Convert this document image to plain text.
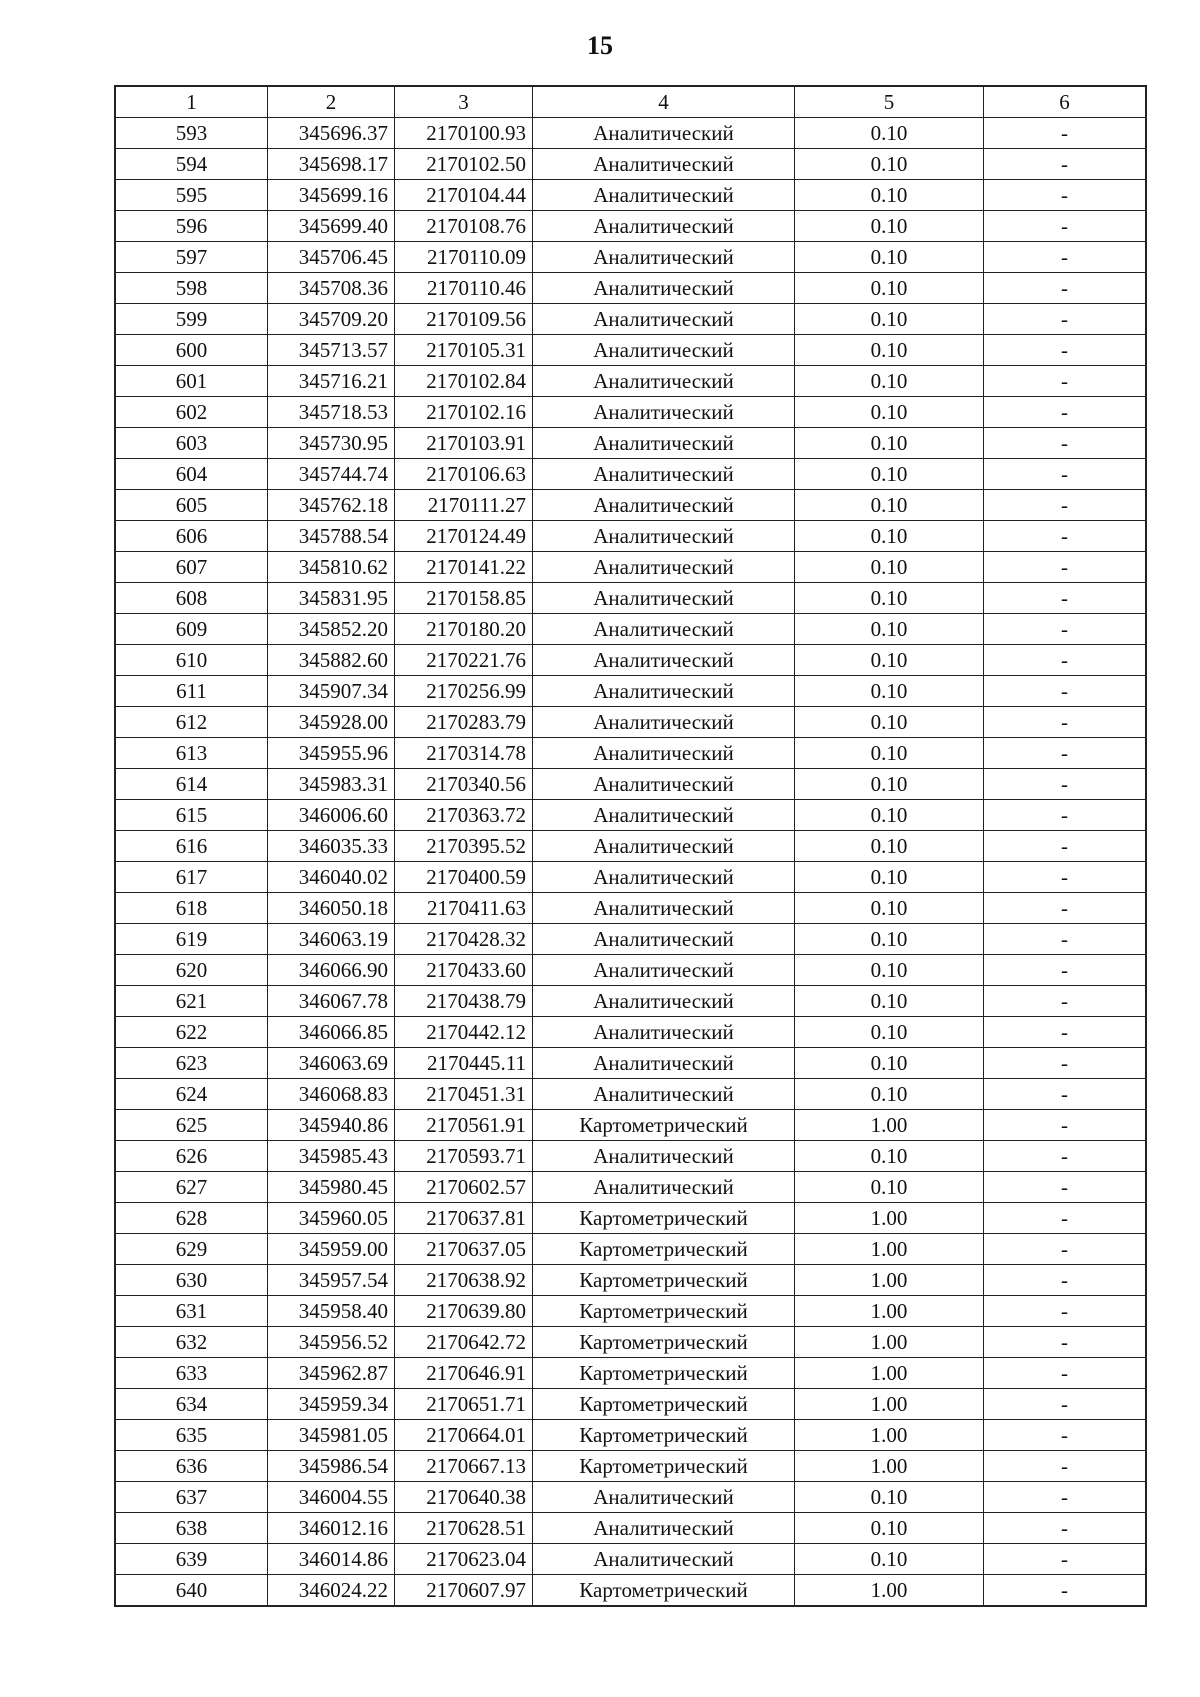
15
1	2	3	4	5	6
593	345696.37	2170100.93	Аналитический	0.10	-
594	345698.17	2170102.50	Аналитический	0.10	-
595	345699.16	2170104.44	Аналитический	0.10	-
596	345699.40	2170108.76	Аналитический	0.10	-
597	345706.45	2170110.09	Аналитический	0.10	-
598	345708.36	2170110.46	Аналитический	0.10	-
599	345709.20	2170109.56	Аналитический	0.10	-
600	345713.57	2170105.31	Аналитический	0.10	-
601	345716.21	2170102.84	Аналитический	0.10	-
602	345718.53	2170102.16	Аналитический	0.10	-
603	345730.95	2170103.91	Аналитический	0.10	-
604	345744.74	2170106.63	Аналитический	0.10	-
605	345762.18	2170111.27	Аналитический	0.10	-
606	345788.54	2170124.49	Аналитический	0.10	-
607	345810.62	2170141.22	Аналитический	0.10	-
608	345831.95	2170158.85	Аналитический	0.10	-
609	345852.20	2170180.20	Аналитический	0.10	-
610	345882.60	2170221.76	Аналитический	0.10	-
611	345907.34	2170256.99	Аналитический	0.10	-
612	345928.00	2170283.79	Аналитический	0.10	-
613	345955.96	2170314.78	Аналитический	0.10	-
614	345983.31	2170340.56	Аналитический	0.10	-
615	346006.60	2170363.72	Аналитический	0.10	-
616	346035.33	2170395.52	Аналитический	0.10	-
617	346040.02	2170400.59	Аналитический	0.10	-
618	346050.18	2170411.63	Аналитический	0.10	-
619	346063.19	2170428.32	Аналитический	0.10	-
620	346066.90	2170433.60	Аналитический	0.10	-
621	346067.78	2170438.79	Аналитический	0.10	-
622	346066.85	2170442.12	Аналитический	0.10	-
623	346063.69	2170445.11	Аналитический	0.10	-
624	346068.83	2170451.31	Аналитический	0.10	-
625	345940.86	2170561.91	Картометрический	1.00	-
626	345985.43	2170593.71	Аналитический	0.10	-
627	345980.45	2170602.57	Аналитический	0.10	-
628	345960.05	2170637.81	Картометрический	1.00	-
629	345959.00	2170637.05	Картометрический	1.00	-
630	345957.54	2170638.92	Картометрический	1.00	-
631	345958.40	2170639.80	Картометрический	1.00	-
632	345956.52	2170642.72	Картометрический	1.00	-
633	345962.87	2170646.91	Картометрический	1.00	-
634	345959.34	2170651.71	Картометрический	1.00	-
635	345981.05	2170664.01	Картометрический	1.00	-
636	345986.54	2170667.13	Картометрический	1.00	-
637	346004.55	2170640.38	Аналитический	0.10	-
638	346012.16	2170628.51	Аналитический	0.10	-
639	346014.86	2170623.04	Аналитический	0.10	-
640	346024.22	2170607.97	Картометрический	1.00	-
